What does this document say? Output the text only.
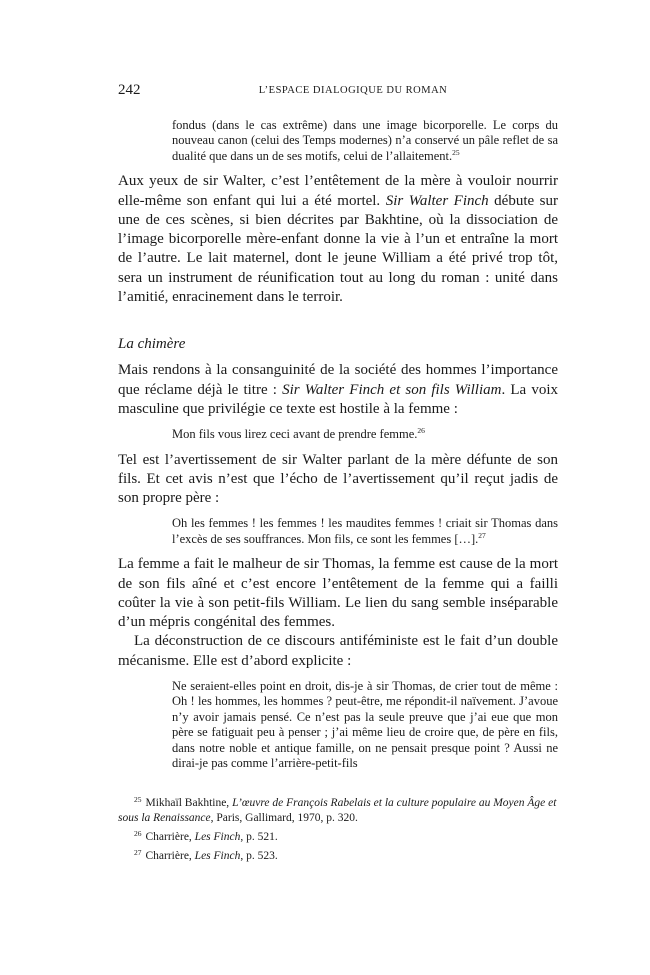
242	L’ESPACE DIALOGIQUE DU ROMAN

fondus (dans le cas extrême) dans une image bicorporelle. Le corps du nouveau canon (celui des Temps modernes) n’a conservé un pâle reflet de sa dualité que dans un de ses motifs, celui de l’allaitement.$^{25}$

Aux yeux de sir Walter, c’est l’entêtement de la mère à vouloir nourrir elle-même son enfant qui lui a été mortel. Sir Walter Finch débute sur une de ces scènes, si bien décrites par Bakhtine, où la dissociation de l’image bicorporelle mère-enfant donne la vie à l’un et entraîne la mort de l’autre. Le lait maternel, dont le jeune William a été privé trop tôt, sera un instrument de réunification tout au long du roman : unité dans l’amitié, enracinement dans le terroir.

La chimère

Mais rendons à la consanguinité de la société des hommes l’importance que réclame déjà le titre : Sir Walter Finch et son fils William. La voix masculine que privilégie ce texte est hostile à la femme :

Mon fils vous lirez ceci avant de prendre femme.$^{26}$

Tel est l’avertissement de sir Walter parlant de la mère défunte de son fils. Et cet avis n’est que l’écho de l’avertissement qu’il reçut jadis de son propre père :

Oh les femmes ! les femmes ! les maudites femmes ! criait sir Thomas dans l’excès de ses souffrances. Mon fils, ce sont les femmes […].$^{27}$

La femme a fait le malheur de sir Thomas, la femme est cause de la mort de son fils aîné et c’est encore l’entêtement de la femme qui a failli coûter la vie à son petit-fils William. Le lien du sang semble inséparable d’un mépris congénital des femmes.

La déconstruction de ce discours antiféministe est le fait d’un double mécanisme. Elle est d’abord explicite :

Ne seraient-elles point en droit, dis-je à sir Thomas, de crier tout de même : Oh ! les hommes, les hommes ? peut-être, me répondit-il naïvement. J’avoue n’y avoir jamais pensé. Ce n’est pas la seule preuve que j’ai eue que mon père se fatiguait peu à penser ; j’ai même lieu de croire que, de père en fils, dans notre noble et antique famille, on ne pensait presque point ? Aussi ne dirai-je pas comme l’arrière-petit-fils

$^{25}$ Mikhaïl Bakhtine, L’œuvre de François Rabelais et la culture populaire au Moyen Âge et sous la Renaissance, Paris, Gallimard, 1970, p. 320.

$^{26}$ Charrière, Les Finch, p. 521.

$^{27}$ Charrière, Les Finch, p. 523.
